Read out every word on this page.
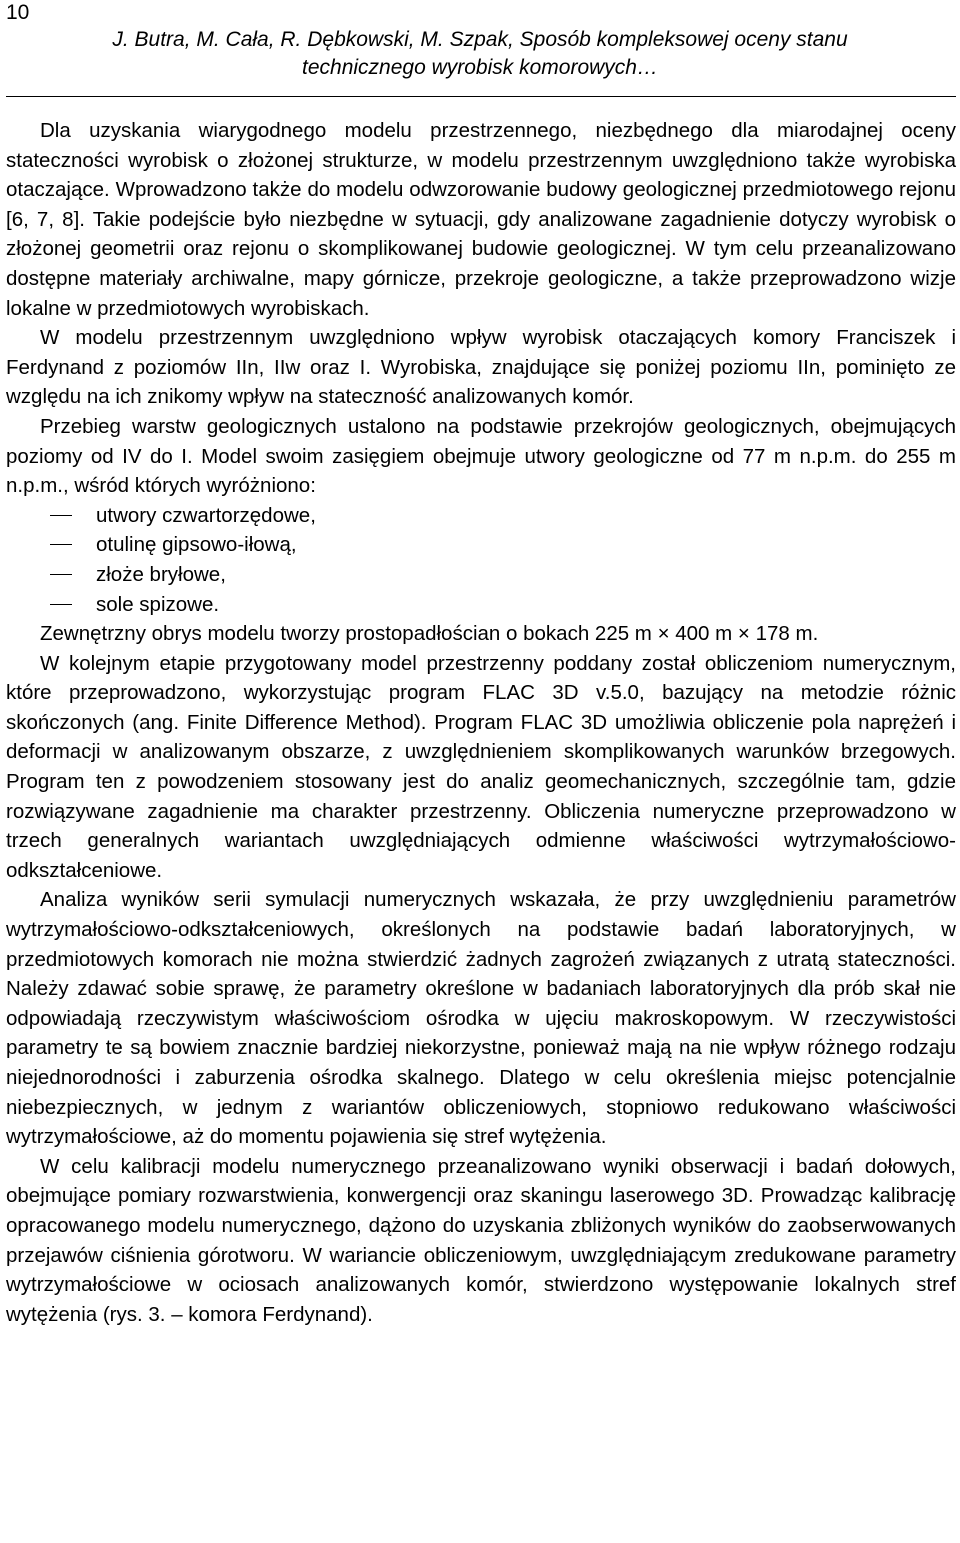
10
J. Butra, M. Cała, R. Dębkowski, M. Szpak, Sposób kompleksowej oceny stanu
technicznego wyrobisk komorowych…

Dla uzyskania wiarygodnego modelu przestrzennego, niezbędnego dla miarodajnej oceny stateczności wyrobisk o złożonej strukturze, w modelu przestrzennym uwzględniono także wyrobiska otaczające. Wprowadzono także do modelu odwzorowanie budowy geologicznej przedmiotowego rejonu [6, 7, 8]. Takie podejście było niezbędne w sytuacji, gdy analizowane zagadnienie dotyczy wyrobisk o złożonej geometrii oraz rejonu o skomplikowanej budowie geologicznej. W tym celu przeanalizowano dostępne materiały archiwalne, mapy górnicze, przekroje geologiczne, a także przeprowadzono wizje lokalne w przedmiotowych wyrobiskach.

W modelu przestrzennym uwzględniono wpływ wyrobisk otaczających komory Franciszek i Ferdynand z poziomów IIn, IIw oraz I. Wyrobiska, znajdujące się poniżej poziomu IIn, pominięto ze względu na ich znikomy wpływ na stateczność analizowanych komór.

Przebieg warstw geologicznych ustalono na podstawie przekrojów geologicznych, obejmujących poziomy od IV do I. Model swoim zasięgiem obejmuje utwory geologiczne od 77 m n.p.m. do 255 m n.p.m., wśród których wyróżniono:

utwory czwartorzędowe,
otulinę gipsowo-iłową,
złoże bryłowe,
sole spizowe.

Zewnętrzny obrys modelu tworzy prostopadłościan o bokach 225 m × 400 m × 178 m.

W kolejnym etapie przygotowany model przestrzenny poddany został obliczeniom numerycznym, które przeprowadzono, wykorzystując program FLAC 3D v.5.0, bazujący na metodzie różnic skończonych (ang. Finite Difference Method). Program FLAC 3D umożliwia obliczenie pola naprężeń i deformacji w analizowanym obszarze, z uwzględnieniem skomplikowanych warunków brzegowych. Program ten z powodzeniem stosowany jest do analiz geomechanicznych, szczególnie tam, gdzie rozwiązywane zagadnienie ma charakter przestrzenny. Obliczenia numeryczne przeprowadzono w trzech generalnych wariantach uwzględniających odmienne właściwości wytrzymałościowo-odkształceniowe.

Analiza wyników serii symulacji numerycznych wskazała, że przy uwzględnieniu parametrów wytrzymałościowo-odkształceniowych, określonych na podstawie badań laboratoryjnych, w przedmiotowych komorach nie można stwierdzić żadnych zagrożeń związanych z utratą stateczności. Należy zdawać sobie sprawę, że parametry określone w badaniach laboratoryjnych dla prób skał nie odpowiadają rzeczywistym właściwościom ośrodka w ujęciu makroskopowym. W rzeczywistości parametry te są bowiem znacznie bardziej niekorzystne, ponieważ mają na nie wpływ różnego rodzaju niejednorodności i zaburzenia ośrodka skalnego. Dlatego w celu określenia miejsc potencjalnie niebezpiecznych, w jednym z wariantów obliczeniowych, stopniowo redukowano właściwości wytrzymałościowe, aż do momentu pojawienia się stref wytężenia.

W celu kalibracji modelu numerycznego przeanalizowano wyniki obserwacji i badań dołowych, obejmujące pomiary rozwarstwienia, konwergencji oraz skaningu laserowego 3D. Prowadząc kalibrację opracowanego modelu numerycznego, dążono do uzyskania zbliżonych wyników do zaobserwowanych przejawów ciśnienia górotworu. W wariancie obliczeniowym, uwzględniającym zredukowane parametry wytrzymałościowe w ociosach analizowanych komór, stwierdzono występowanie lokalnych stref wytężenia (rys. 3. – komora Ferdynand).
